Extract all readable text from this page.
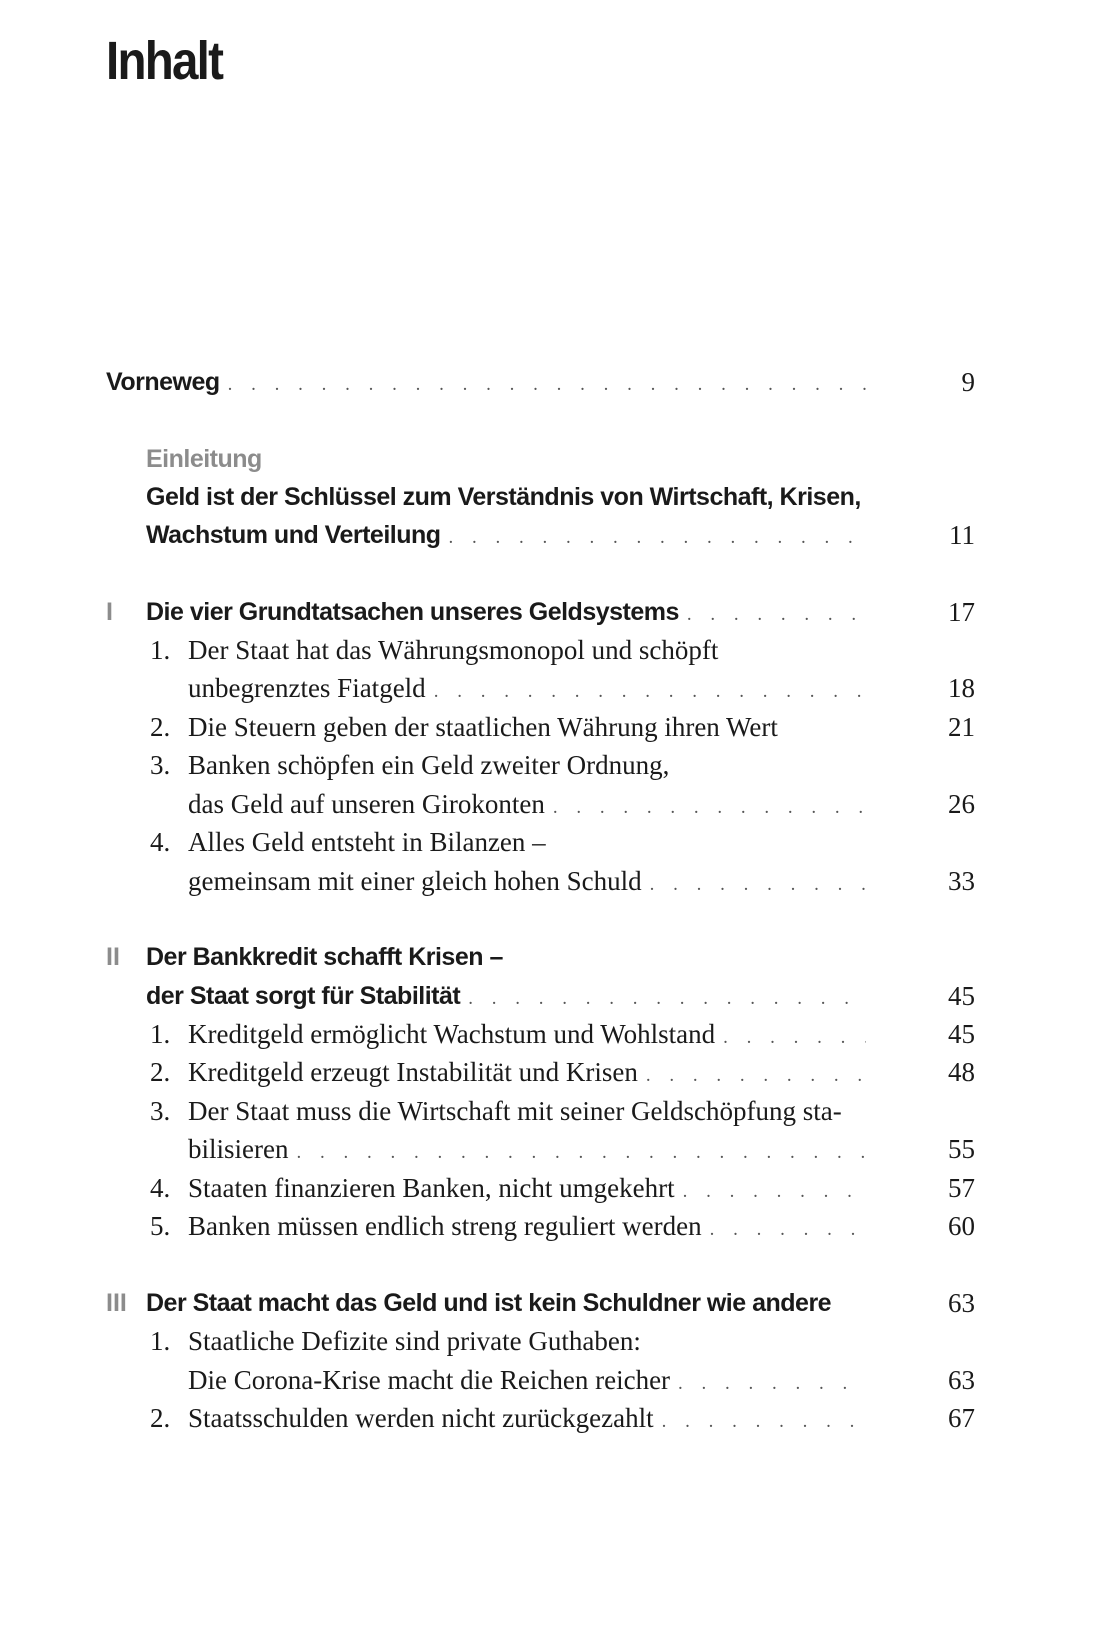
Inhalt
Vorneweg . . .	9
Einleitung
Geld ist der Schlüssel zum Verständnis von Wirtschaft, Krisen,
Wachstum und Verteilung . . .	11
I Die vier Grundtatsachen unseres Geldsystems . . .	17
1. Der Staat hat das Währungsmonopol und schöpft
unbegrenztes Fiatgeld . . .	18
2. Die Steuern geben der staatlichen Währung ihren Wert	21
3. Banken schöpfen ein Geld zweiter Ordnung,
das Geld auf unseren Girokonten . . .	26
4. Alles Geld entsteht in Bilanzen –
gemeinsam mit einer gleich hohen Schuld . . .	33
II Der Bankkredit schafft Krisen –
der Staat sorgt für Stabilität . . .	45
1. Kreditgeld ermöglicht Wachstum und Wohlstand . . .	45
2. Kreditgeld erzeugt Instabilität und Krisen . . .	48
3. Der Staat muss die Wirtschaft mit seiner Geldschöpfung sta-
bilisieren . . .	55
4. Staaten finanzieren Banken, nicht umgekehrt . . .	57
5. Banken müssen endlich streng reguliert werden . . .	60
III Der Staat macht das Geld und ist kein Schuldner wie andere	63
1. Staatliche Defizite sind private Guthaben:
Die Corona-Krise macht die Reichen reicher . . .	63
2. Staatsschulden werden nicht zurückgezahlt . . .	67
